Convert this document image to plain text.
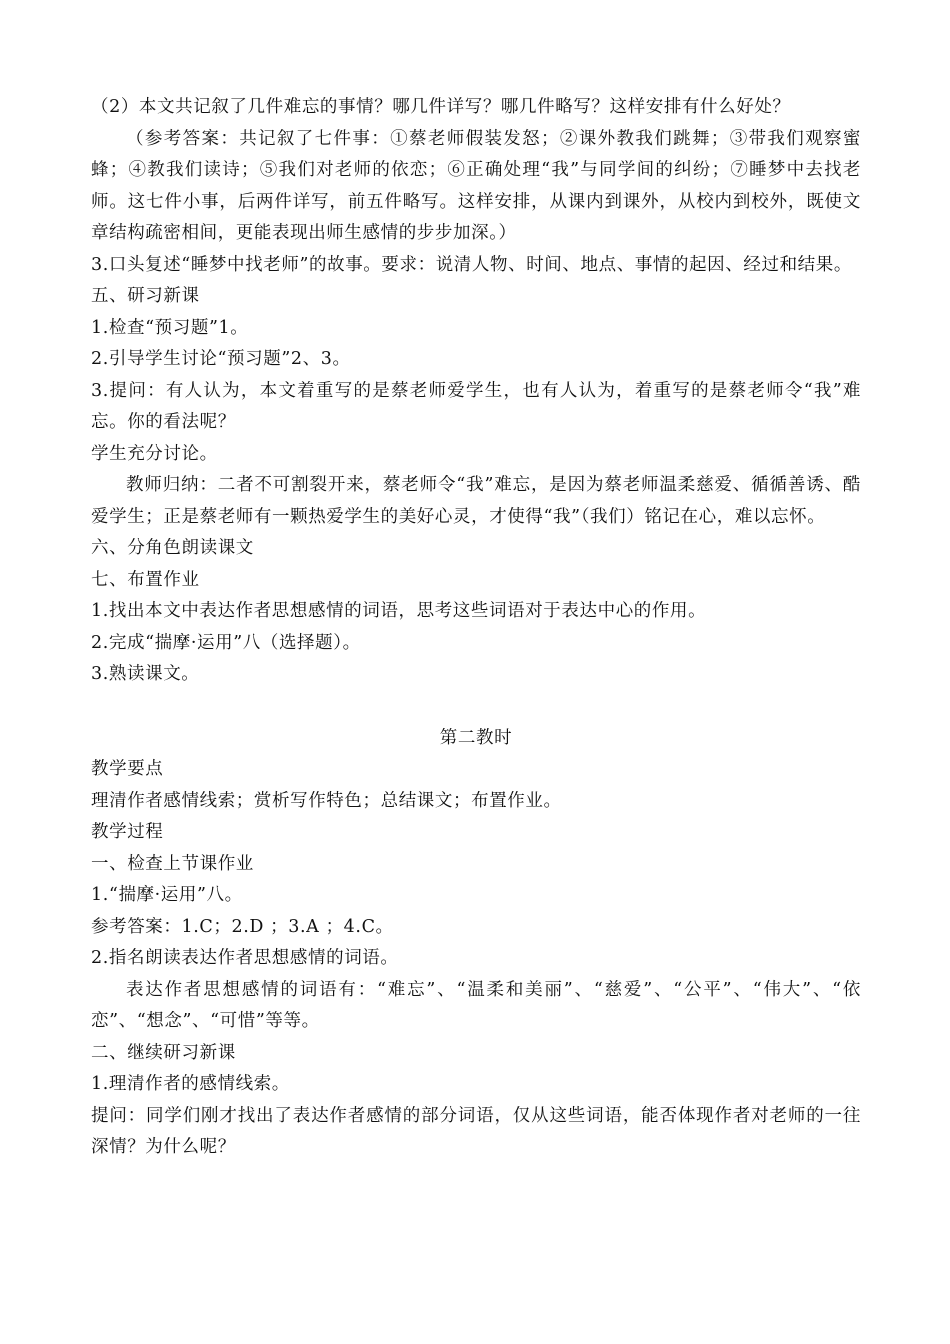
（2）本文共记叙了几件难忘的事情？哪几件详写？哪几件略写？这样安排有什么好处？

（参考答案：共记叙了七件事：①蔡老师假装发怒；②课外教我们跳舞；③带我们观察蜜蜂；④教我们读诗；⑤我们对老师的依恋；⑥正确处理“我”与同学间的纠纷；⑦睡梦中去找老师。这七件小事，后两件详写，前五件略写。这样安排，从课内到课外，从校内到校外，既使文章结构疏密相间，更能表现出师生感情的步步加深。）

3.口头复述“睡梦中找老师”的故事。要求：说清人物、时间、地点、事情的起因、经过和结果。

五、研习新课

1.检查“预习题”1。

2.引导学生讨论“预习题”2、3。

3.提问：有人认为，本文着重写的是蔡老师爱学生，也有人认为，着重写的是蔡老师令“我”难忘。你的看法呢？

学生充分讨论。

教师归纳：二者不可割裂开来，蔡老师令“我”难忘，是因为蔡老师温柔慈爱、循循善诱、酷爱学生；正是蔡老师有一颗热爱学生的美好心灵，才使得“我”（我们）铭记在心，难以忘怀。

六、分角色朗读课文

七、布置作业

1.找出本文中表达作者思想感情的词语，思考这些词语对于表达中心的作用。

2.完成“揣摩·运用”八（选择题）。

3.熟读课文。

第二教时

教学要点

理清作者感情线索；赏析写作特色；总结课文；布置作业。

教学过程

一、检查上节课作业

1.“揣摩·运用”八。

参考答案：1.C；2.D ；3.A ；4.C。

2.指名朗读表达作者思想感情的词语。

表达作者思想感情的词语有：“难忘”、“温柔和美丽”、“慈爱”、“公平”、“伟大”、“依恋”、“想念”、“可惜”等等。

二、继续研习新课

1.理清作者的感情线索。

提问：同学们刚才找出了表达作者感情的部分词语，仅从这些词语，能否体现作者对老师的一往深情？为什么呢？
